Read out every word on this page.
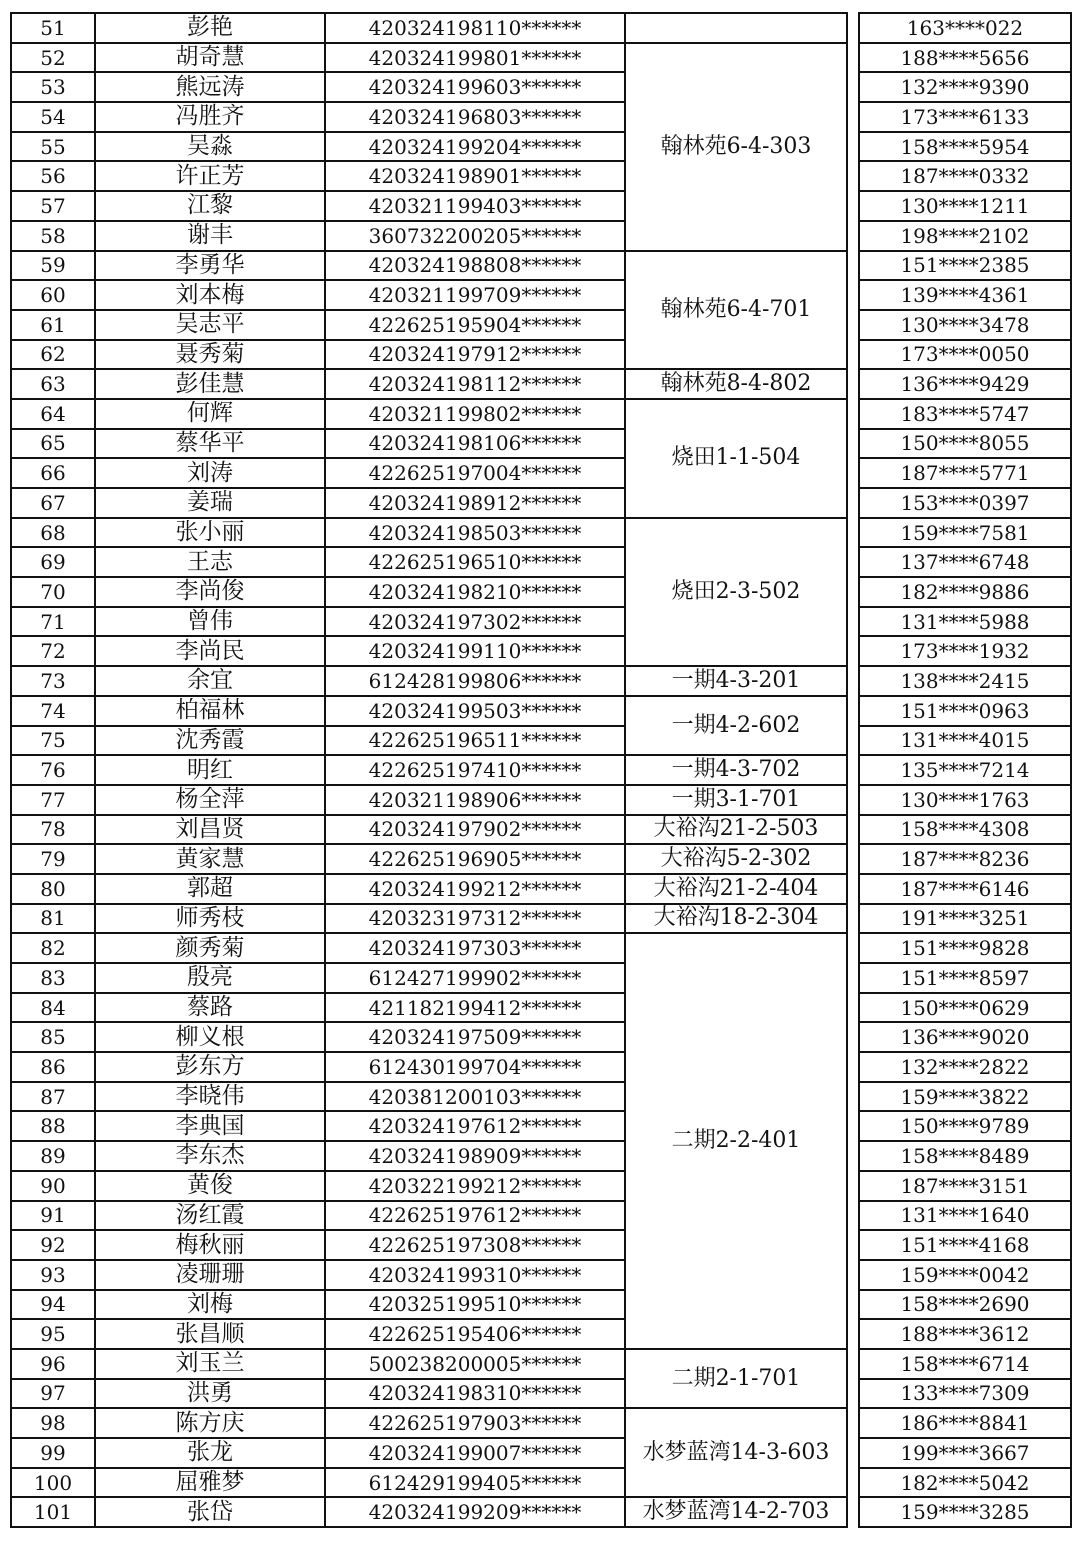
51	彭艳	420324198110******			163****022
52	胡奇慧	420324199801******	翰林苑6-4-303		188****5656
53	熊远涛	420324199603******			132****9390
54	冯胜齐	420324196803******			173****6133
55	吴淼	420324199204******			158****5954
56	许正芳	420324198901******			187****0332
57	江黎	420321199403******			130****1211
58	谢丰	360732200205******			198****2102
59	李勇华	420324198808******	翰林苑6-4-701		151****2385
60	刘本梅	420321199709******			139****4361
61	吴志平	422625195904******			130****3478
62	聂秀菊	420324197912******			173****0050
63	彭佳慧	420324198112******	翰林苑8-4-802		136****9429
64	何辉	420321199802******	烧田1-1-504		183****5747
65	蔡华平	420324198106******			150****8055
66	刘涛	422625197004******			187****5771
67	姜瑞	420324198912******			153****0397
68	张小丽	420324198503******	烧田2-3-502		159****7581
69	王志	422625196510******			137****6748
70	李尚俊	420324198210******			182****9886
71	曾伟	420324197302******			131****5988
72	李尚民	420324199110******			173****1932
73	余宜	612428199806******	一期4-3-201		138****2415
74	柏福林	420324199503******	一期4-2-602		151****0963
75	沈秀霞	422625196511******			131****4015
76	明红	422625197410******	一期4-3-702		135****7214
77	杨全萍	420321198906******	一期3-1-701		130****1763
78	刘昌贤	420324197902******	大裕沟21-2-503		158****4308
79	黄家慧	422625196905******	大裕沟5-2-302		187****8236
80	郭超	420324199212******	大裕沟21-2-404		187****6146
81	师秀枝	420323197312******	大裕沟18-2-304		191****3251
82	颜秀菊	420324197303******	二期2-2-401		151****9828
83	殷亮	612427199902******			151****8597
84	蔡路	421182199412******			150****0629
85	柳义根	420324197509******			136****9020
86	彭东方	612430199704******			132****2822
87	李晓伟	420381200103******			159****3822
88	李典国	420324197612******			150****9789
89	李东杰	420324198909******			158****8489
90	黄俊	420322199212******			187****3151
91	汤红霞	422625197612******			131****1640
92	梅秋丽	422625197308******			151****4168
93	凌珊珊	420324199310******			159****0042
94	刘梅	420325199510******			158****2690
95	张昌顺	422625195406******			188****3612
96	刘玉兰	500238200005******	二期2-1-701		158****6714
97	洪勇	420324198310******			133****7309
98	陈方庆	422625197903******	水梦蓝湾14-3-603		186****8841
99	张龙	420324199007******			199****3667
100	屈雅梦	612429199405******			182****5042
101	张岱	420324199209******	水梦蓝湾14-2-703		159****3285
